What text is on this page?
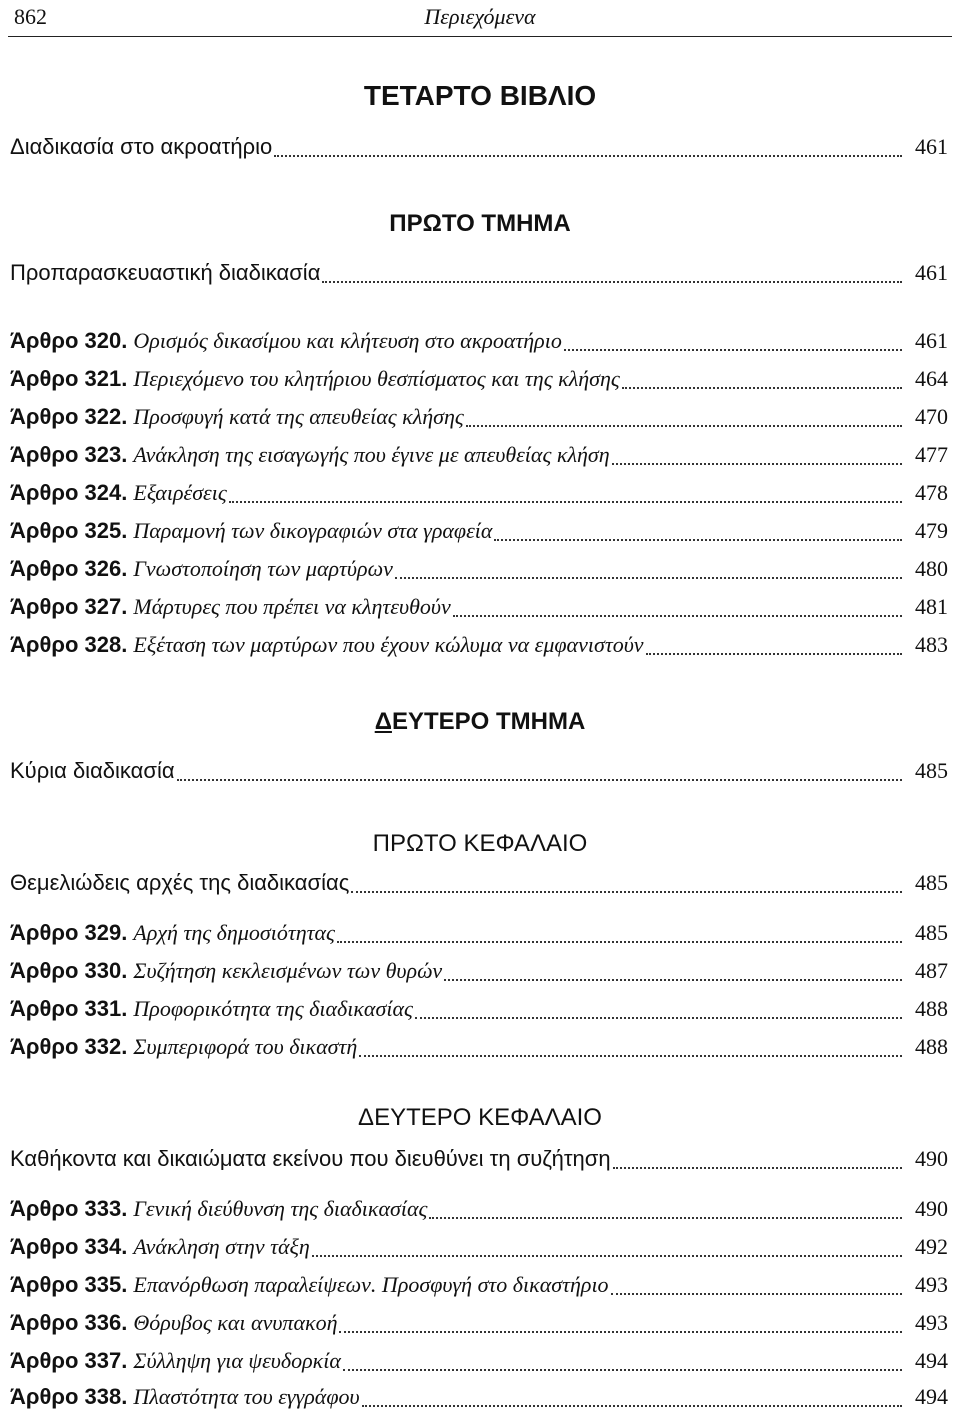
862	Περιεχόμενα
ΤΕΤΑΡΤΟ ΒΙΒΛΙΟ
Διαδικασία στο ακροατήριο	461
ΠΡΩΤΟ ΤΜΗΜΑ
Προπαρασκευαστική διαδικασία	461
Άρθρο 320. Ορισμός δικασίμου και κλήτευση στο ακροατήριο	461
Άρθρο 321. Περιεχόμενο του κλητήριου θεσπίσματος και της κλήσης	464
Άρθρο 322. Προσφυγή κατά της απευθείας κλήσης	470
Άρθρο 323. Ανάκληση της εισαγωγής που έγινε με απευθείας κλήση	477
Άρθρο 324. Εξαιρέσεις	478
Άρθρο 325. Παραμονή των δικογραφιών στα γραφεία	479
Άρθρο 326. Γνωστοποίηση των μαρτύρων	480
Άρθρο 327. Μάρτυρες που πρέπει να κλητευθούν	481
Άρθρο 328. Εξέταση των μαρτύρων που έχουν κώλυμα να εμφανιστούν	483
ΔΕΥΤΕΡΟ ΤΜΗΜΑ
Κύρια διαδικασία	485
ΠΡΩΤΟ ΚΕΦΑΛΑΙΟ
Θεμελιώδεις αρχές της διαδικασίας	485
Άρθρο 329. Αρχή της δημοσιότητας	485
Άρθρο 330. Συζήτηση κεκλεισμένων των θυρών	487
Άρθρο 331. Προφορικότητα της διαδικασίας	488
Άρθρο 332. Συμπεριφορά του δικαστή	488
ΔΕΥΤΕΡΟ ΚΕΦΑΛΑΙΟ
Καθήκοντα και δικαιώματα εκείνου που διευθύνει τη συζήτηση	490
Άρθρο 333. Γενική διεύθυνση της διαδικασίας	490
Άρθρο 334. Ανάκληση στην τάξη	492
Άρθρο 335. Επανόρθωση παραλείψεων. Προσφυγή στο δικαστήριο	493
Άρθρο 336. Θόρυβος και ανυπακοή	493
Άρθρο 337. Σύλληψη για ψευδορκία	494
Άρθρο 338. Πλαστότητα του εγγράφου	494
